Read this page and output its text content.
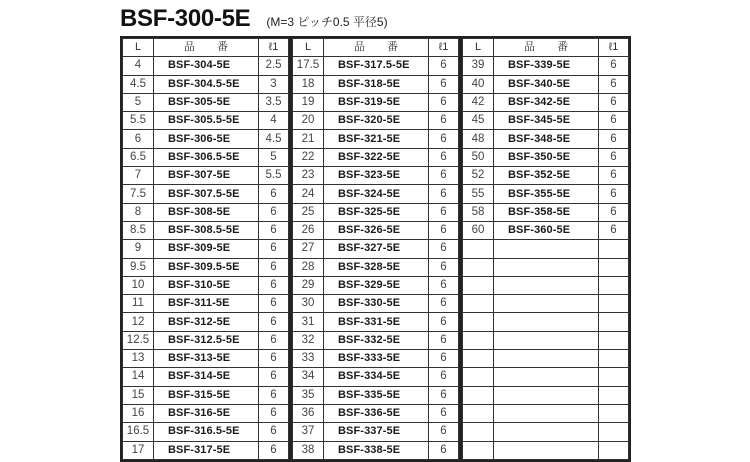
BSF-300-5E (M=3 ピッチ0.5 平径5)
L	品　　番	ℓ1
4	BSF-304-5E	2.5
4.5	BSF-304.5-5E	3
5	BSF-305-5E	3.5
5.5	BSF-305.5-5E	4
6	BSF-306-5E	4.5
6.5	BSF-306.5-5E	5
7	BSF-307-5E	5.5
7.5	BSF-307.5-5E	6
8	BSF-308-5E	6
8.5	BSF-308.5-5E	6
9	BSF-309-5E	6
9.5	BSF-309.5-5E	6
10	BSF-310-5E	6
11	BSF-311-5E	6
12	BSF-312-5E	6
12.5	BSF-312.5-5E	6
13	BSF-313-5E	6
14	BSF-314-5E	6
15	BSF-315-5E	6
16	BSF-316-5E	6
16.5	BSF-316.5-5E	6
17	BSF-317-5E	6
L	品　　番	ℓ1
17.5	BSF-317.5-5E	6
18	BSF-318-5E	6
19	BSF-319-5E	6
20	BSF-320-5E	6
21	BSF-321-5E	6
22	BSF-322-5E	6
23	BSF-323-5E	6
24	BSF-324-5E	6
25	BSF-325-5E	6
26	BSF-326-5E	6
27	BSF-327-5E	6
28	BSF-328-5E	6
29	BSF-329-5E	6
30	BSF-330-5E	6
31	BSF-331-5E	6
32	BSF-332-5E	6
33	BSF-333-5E	6
34	BSF-334-5E	6
35	BSF-335-5E	6
36	BSF-336-5E	6
37	BSF-337-5E	6
38	BSF-338-5E	6
L	品　　番	ℓ1
39	BSF-339-5E	6
40	BSF-340-5E	6
42	BSF-342-5E	6
45	BSF-345-5E	6
48	BSF-348-5E	6
50	BSF-350-5E	6
52	BSF-352-5E	6
55	BSF-355-5E	6
58	BSF-358-5E	6
60	BSF-360-5E	6
